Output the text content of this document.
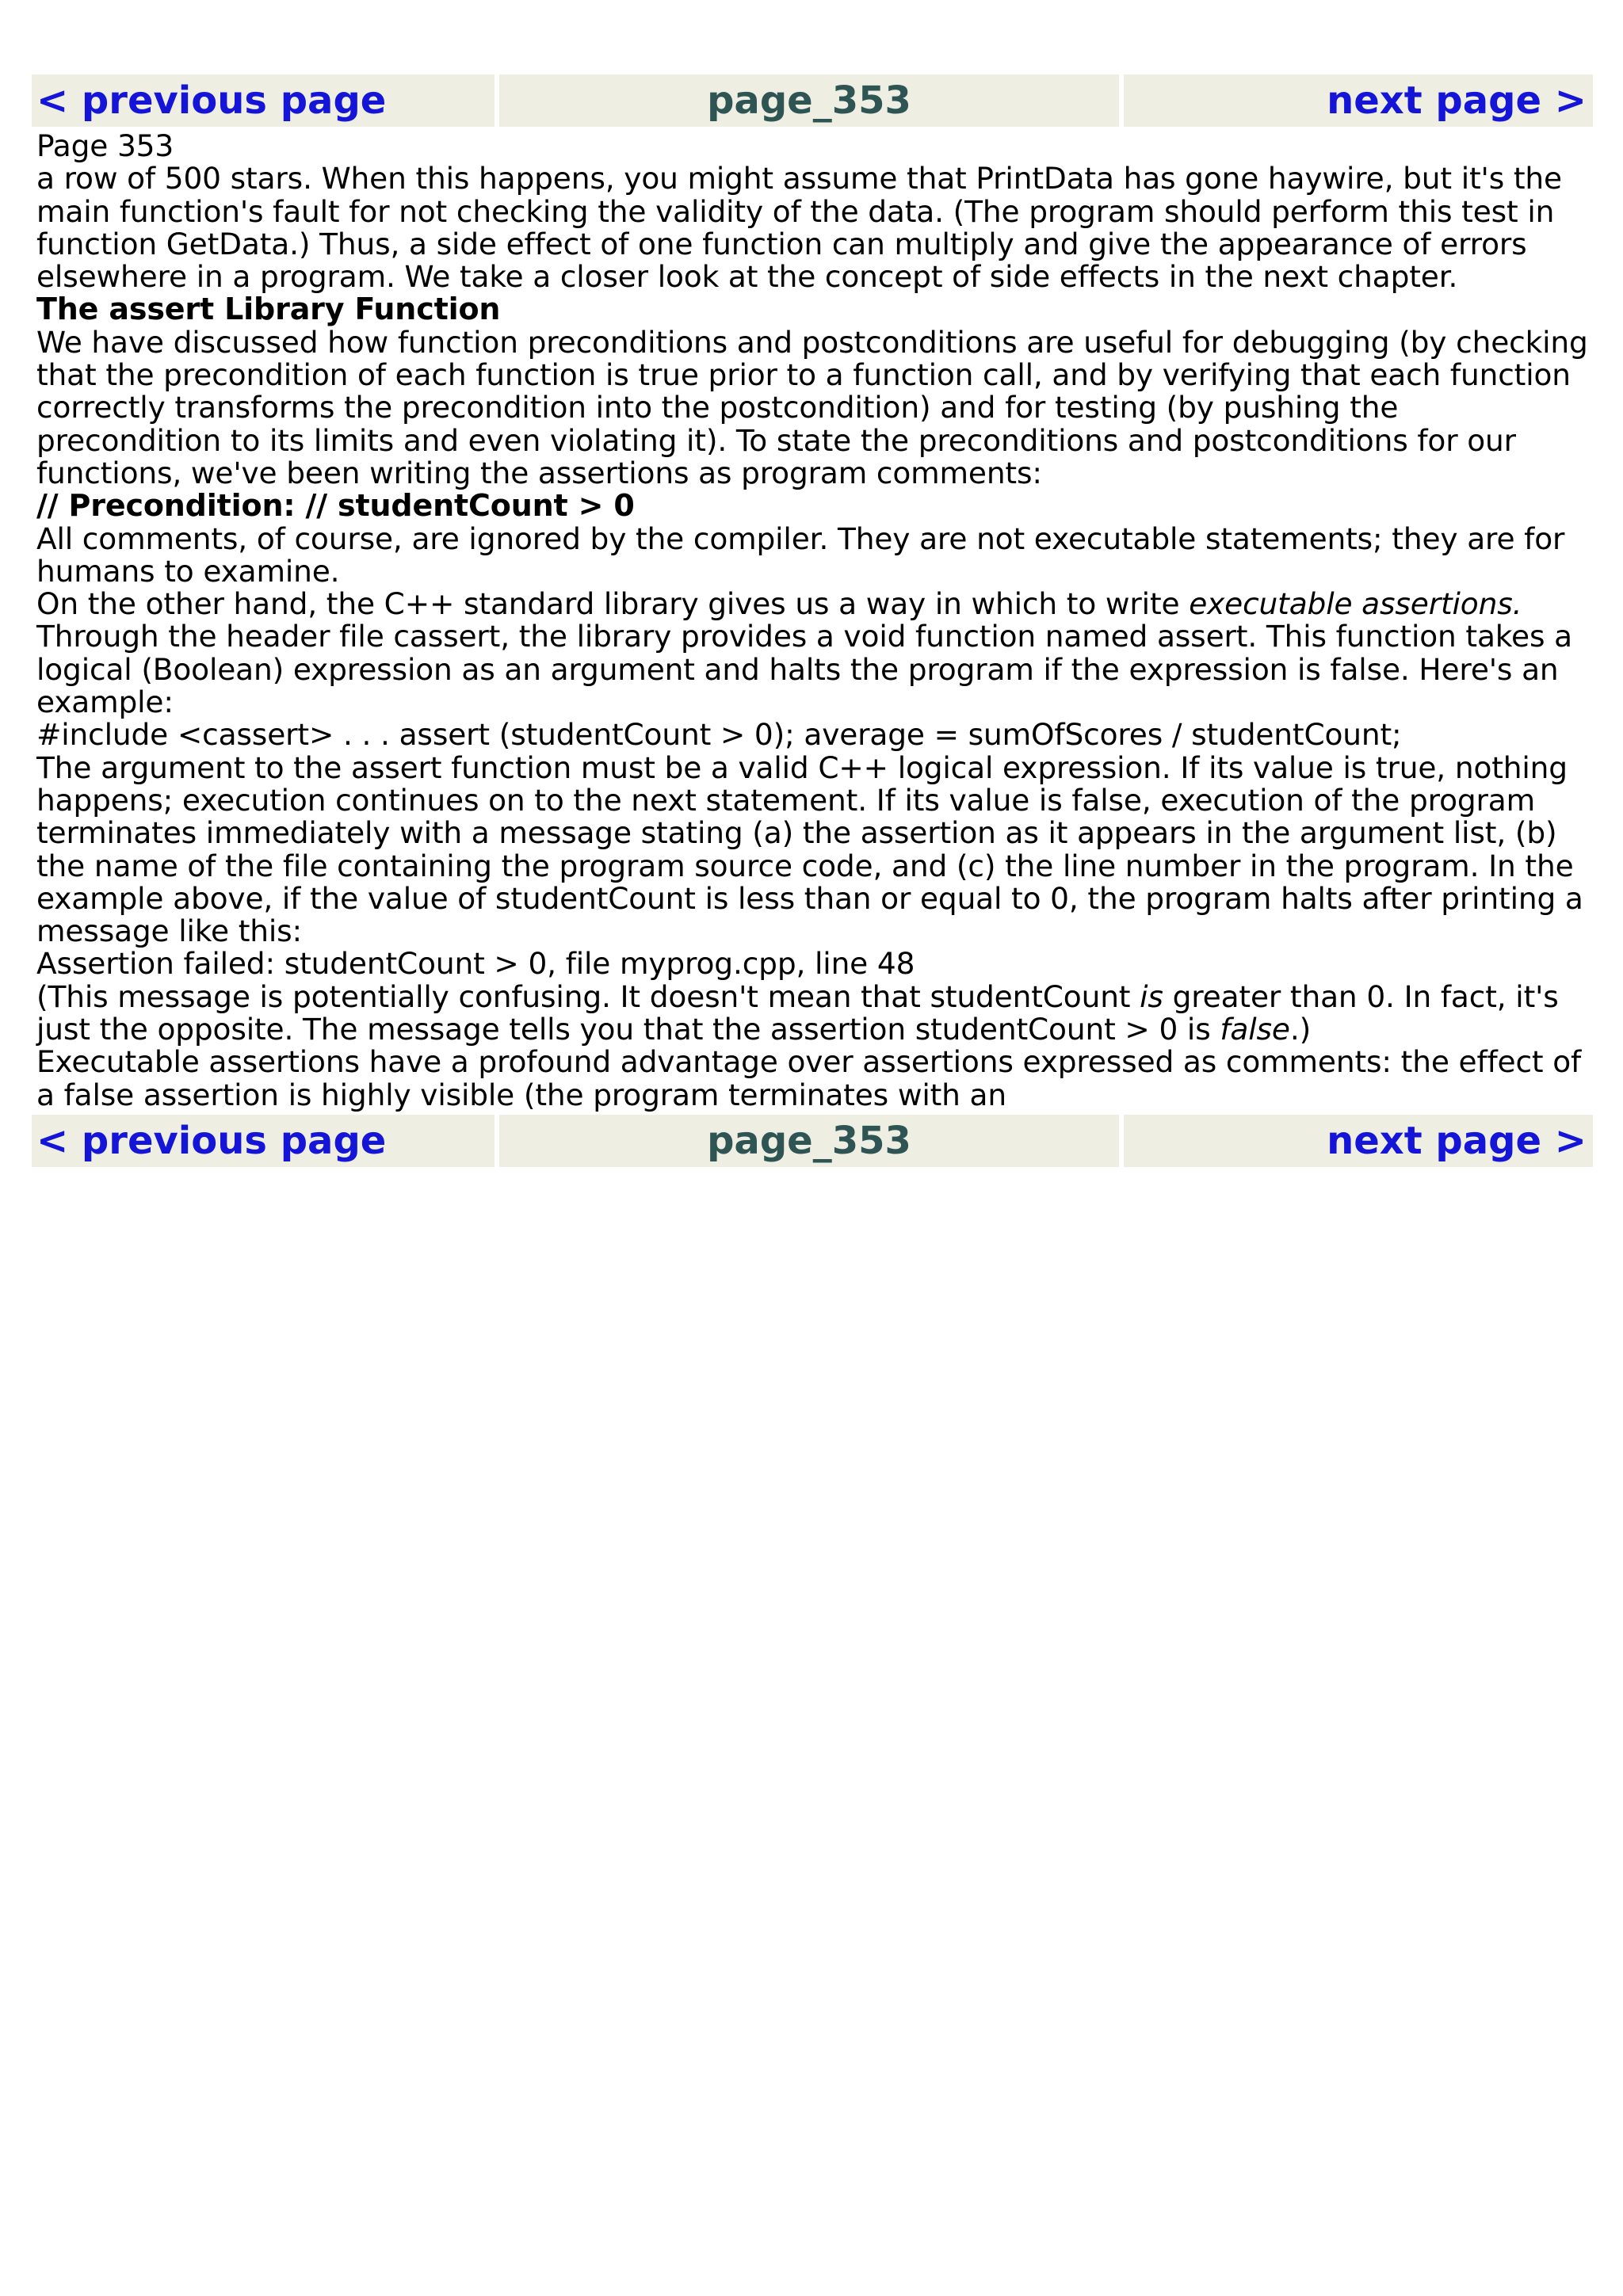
< previous page	page_353	next page >

Page 353

a row of 500 stars. When this happens, you might assume that PrintData has gone haywire, but it's the main function's fault for not checking the validity of the data. (The program should perform this test in function GetData.) Thus, a side effect of one function can multiply and give the appearance of errors elsewhere in a program. We take a closer look at the concept of side effects in the next chapter.

The assert Library Function

We have discussed how function preconditions and postconditions are useful for debugging (by checking that the precondition of each function is true prior to a function call, and by verifying that each function correctly transforms the precondition into the postcondition) and for testing (by pushing the precondition to its limits and even violating it). To state the preconditions and postconditions for our functions, we've been writing the assertions as program comments:

// Precondition: // studentCount > 0

All comments, of course, are ignored by the compiler. They are not executable statements; they are for humans to examine.

On the other hand, the C++ standard library gives us a way in which to write executable assertions. Through the header file cassert, the library provides a void function named assert. This function takes a logical (Boolean) expression as an argument and halts the program if the expression is false. Here's an example:

#include <cassert> . . . assert (studentCount > 0); average = sumOfScores / studentCount;

The argument to the assert function must be a valid C++ logical expression. If its value is true, nothing happens; execution continues on to the next statement. If its value is false, execution of the program terminates immediately with a message stating (a) the assertion as it appears in the argument list, (b) the name of the file containing the program source code, and (c) the line number in the program. In the example above, if the value of studentCount is less than or equal to 0, the program halts after printing a message like this:

Assertion failed: studentCount > 0, file myprog.cpp, line 48

(This message is potentially confusing. It doesn't mean that studentCount is greater than 0. In fact, it's just the opposite. The message tells you that the assertion studentCount > 0 is false.)

Executable assertions have a profound advantage over assertions expressed as comments: the effect of a false assertion is highly visible (the program terminates with an

< previous page	page_353	next page >
